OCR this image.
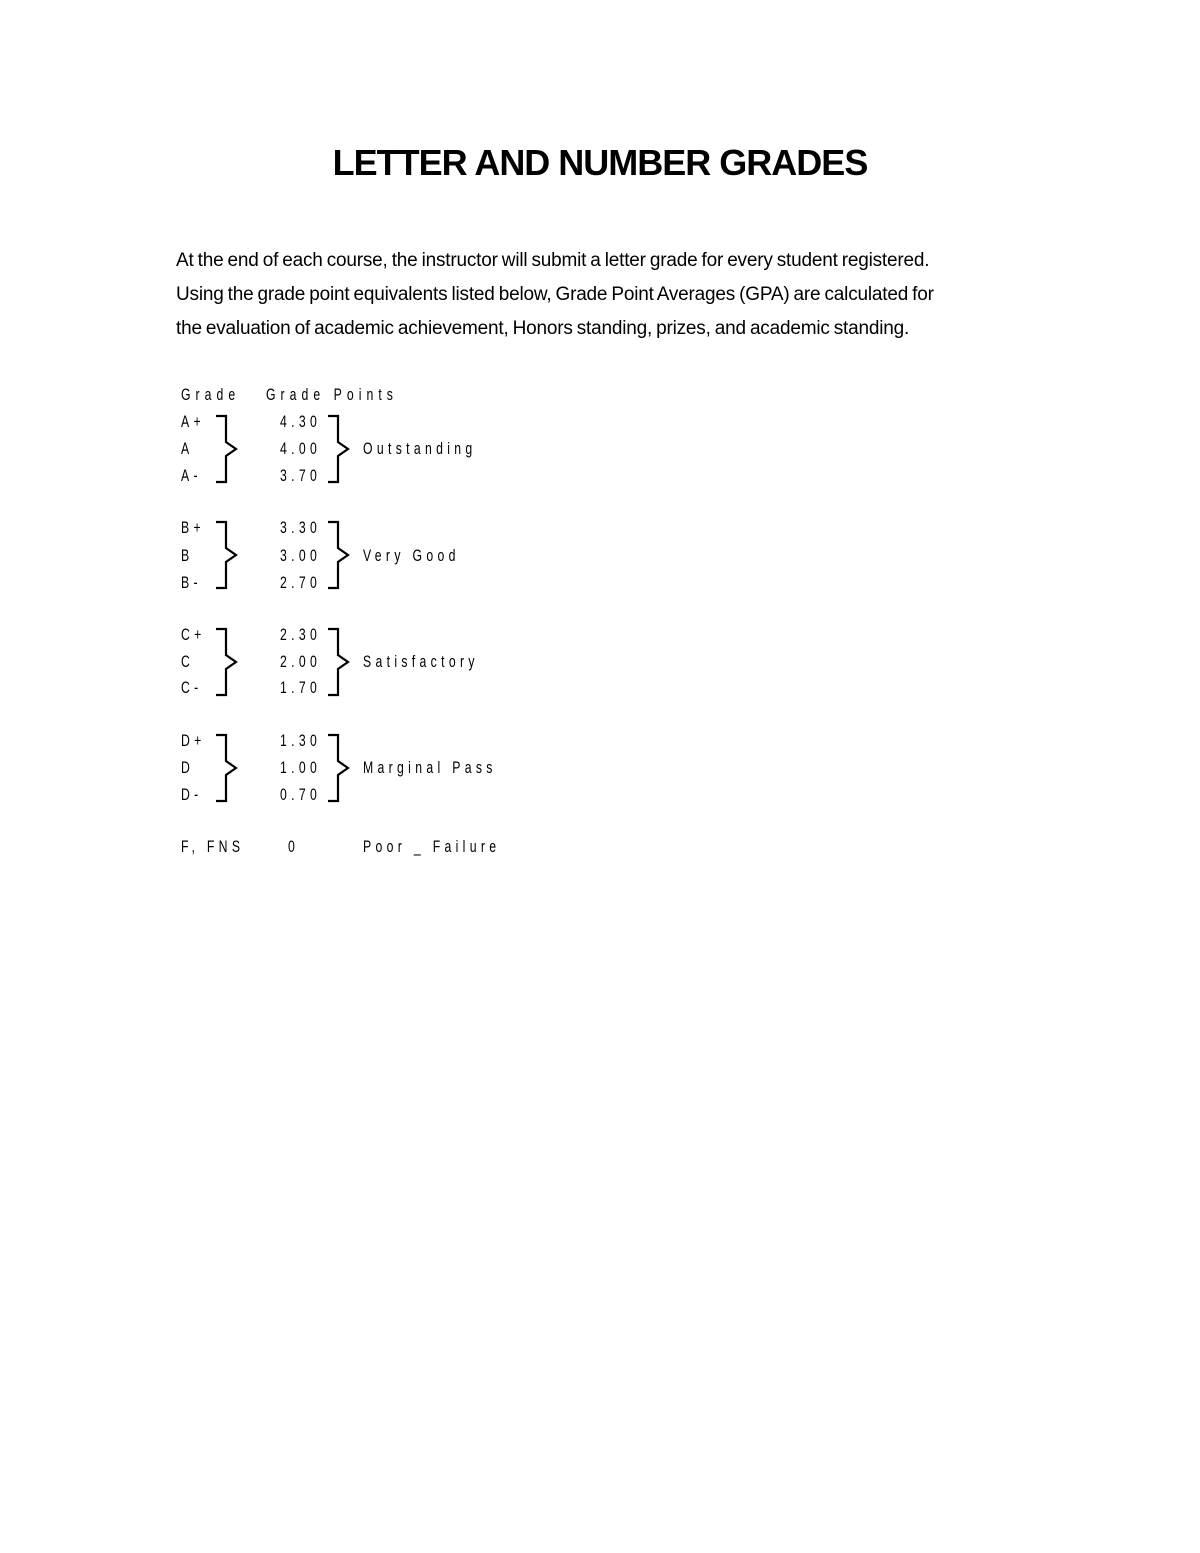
LETTER AND NUMBER GRADES
At the end of each course, the instructor will submit a letter grade for every student registered.
Using the grade point equivalents listed below, Grade Point Averages (GPA) are calculated for
the evaluation of academic achievement, Honors standing, prizes, and academic standing.
Grade Grade Points
A+
A
A-
4.30
4.00
3.70
Outstanding
B+
B
B-
3.30
3.00
2.70
Very Good
C+
C
C-
2.30
2.00
1.70
Satisfactory
D+
D
D-
1.30
1.00
0.70
Marginal Pass
F, FNS	0	Poor _ Failure
